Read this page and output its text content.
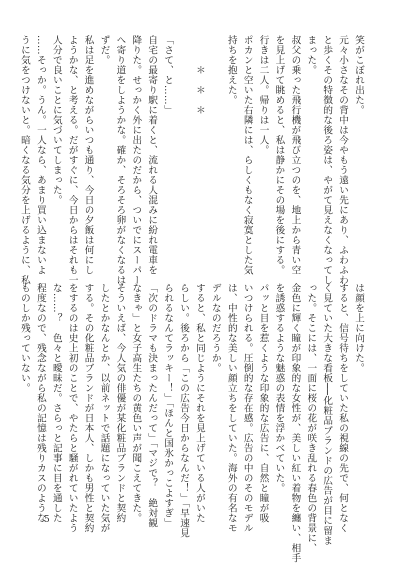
笑がこぼれ出た。
元々小さなその背中は今やもう遠い先にあり、ふわふわ
と歩くその特徴的な後ろ姿は、やがて見えなくなってし
まった。
叔父の乗った飛行機が飛び立つのを、地上から青い空
を見上げて眺めると、私は静かにその場を後にする。
行きは二人。帰りは一人。
ポカンと空いた右隣には、らしくもなく寂寞とした気
持ちを抱えた。

　　　＊　＊　＊

「さて、と……」
自宅の最寄り駅に着くと、流れる人混みに紛れ電車を
降りた。せっかく外に出たのだから、ついでにスーパー
へ寄り道をしようかな。確か、そろそろ卵がなくなるは
ずだ。
私は足を進めながらいつも通り、今日の夕飯は何にし
ようかな、と考える。だがすぐに、今日からはそれも一
人分で良いことに気づいてしまった。
……そっか。うん。一人なら、あまり買い込まないよ
うに気をつけないと。暗くなる気分を上げるように、私
は顔を上に向けた。
すると、信号待ちをしていた私の視線の先で、何となく
く見ていた大きな看板──化粧品ブランドの広告が目に留ま
った。そこには、一面に桜の花が咲き乱れる春色の背景に、
金色に輝く瞳が印象的な女性が、美しい紅い着物を纏い、相手
を誘惑するような魅惑の表情を浮かべていた。
パッと目を惹くような印象的な広告に、自然と瞳が吸
いつけられる。圧倒的な存在感。広告の中のそのモデル
は、中性的な美しい顔立ちをしていた。海外の有名なモ
デルなのだろうか。
すると、私と同じようにそれを見上げている人がいた
らしい。後ろから「この広告今日からなんだ！」「早速見
られるなんてラッキー！」「ほんと国氷かっこよすぎ」
「次のドラマも決まったんだって」「マジで？　絶対観
なきゃ」と女子高生たちの黄色い声が聞こえてきた。
そういえば、今人気の俳優が某化粧品ブランドと契約
したとかなんとか、以前ネットで話題になっていた気が
する。その化粧品ブランドが日本人、しかも男性と契約
をするのは史上初のことで、やたらと騒がれていたよう
な……？　色々と曖昧だ。さらっと記事に目を通した
程度なので、残念ながら私の記憶は残りカスのような
ものしか残っていない。
5
